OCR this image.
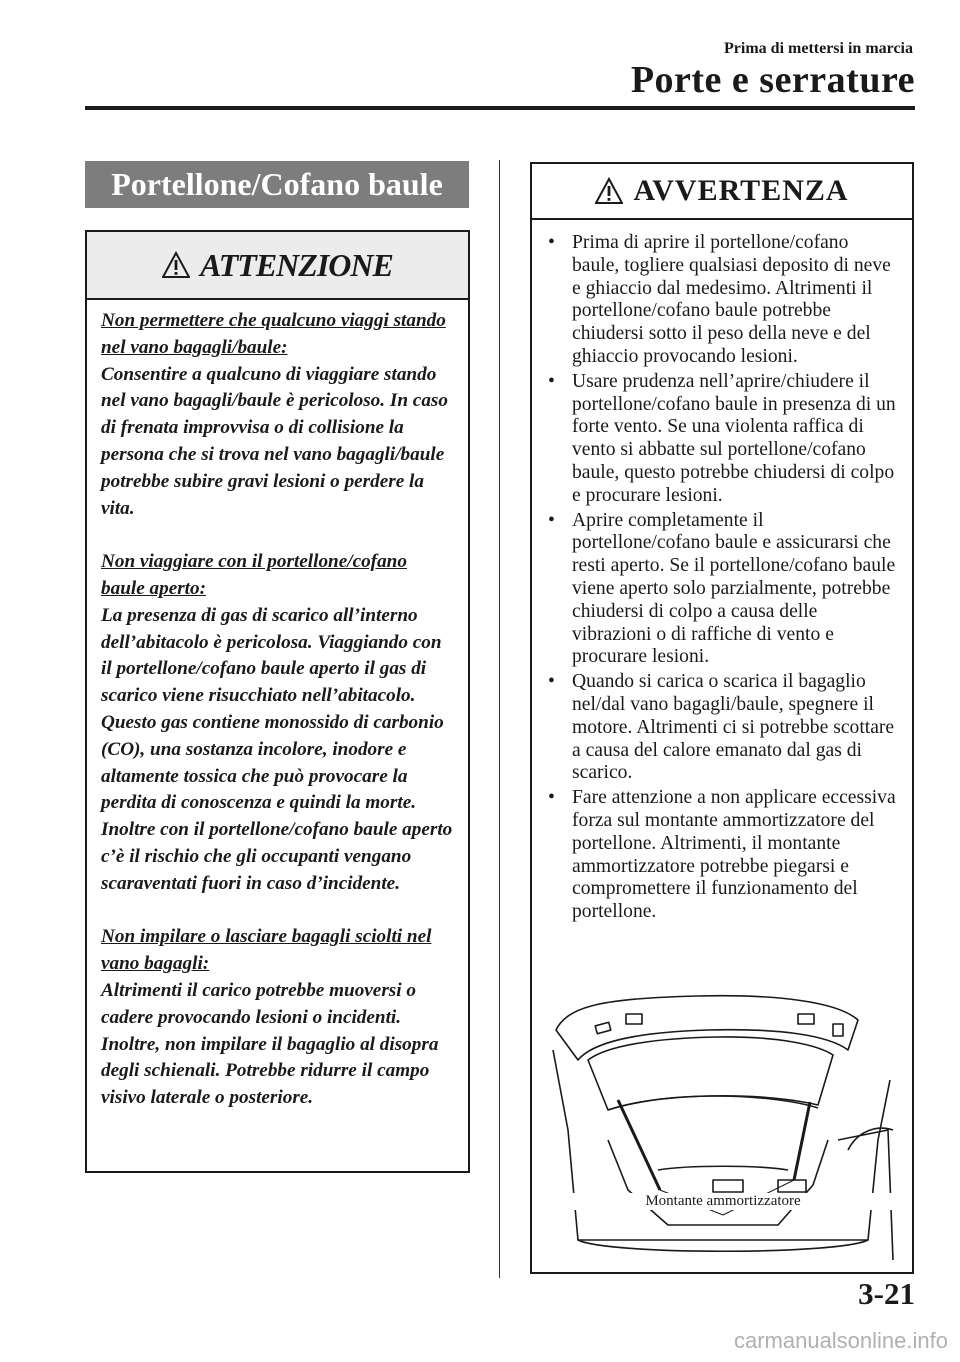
Prima di mettersi in marcia
Porte e serrature
Portellone/Cofano baule
ATTENZIONE
Non permettere che qualcuno viaggi stando nel vano bagagli/baule:
Consentire a qualcuno di viaggiare stando nel vano bagagli/baule è pericoloso. In caso di frenata improvvisa o di collisione la persona che si trova nel vano bagagli/baule potrebbe subire gravi lesioni o perdere la vita.
Non viaggiare con il portellone/cofano baule aperto:
La presenza di gas di scarico all’interno dell’abitacolo è pericolosa. Viaggiando con il portellone/cofano baule aperto il gas di scarico viene risucchiato nell’abitacolo. Questo gas contiene monossido di carbonio (CO), una sostanza incolore, inodore e altamente tossica che può provocare la perdita di conoscenza e quindi la morte. Inoltre con il portellone/cofano baule aperto c’è il rischio che gli occupanti vengano scaraventati fuori in caso d’incidente.
Non impilare o lasciare bagagli sciolti nel vano bagagli:
Altrimenti il carico potrebbe muoversi o cadere provocando lesioni o incidenti. Inoltre, non impilare il bagaglio al disopra degli schienali. Potrebbe ridurre il campo visivo laterale o posteriore.
AVVERTENZA
• Prima di aprire il portellone/cofano baule, togliere qualsiasi deposito di neve e ghiaccio dal medesimo. Altrimenti il portellone/cofano baule potrebbe chiudersi sotto il peso della neve e del ghiaccio provocando lesioni.
• Usare prudenza nell’aprire/chiudere il portellone/cofano baule in presenza di un forte vento. Se una violenta raffica di vento si abbatte sul portellone/cofano baule, questo potrebbe chiudersi di colpo e procurare lesioni.
• Aprire completamente il portellone/cofano baule e assicurarsi che resti aperto. Se il portellone/cofano baule viene aperto solo parzialmente, potrebbe chiudersi di colpo a causa delle vibrazioni o di raffiche di vento e procurare lesioni.
• Quando si carica o scarica il bagaglio nel/dal vano bagagli/baule, spegnere il motore. Altrimenti ci si potrebbe scottare a causa del calore emanato dal gas di scarico.
• Fare attenzione a non applicare eccessiva forza sul montante ammortizzatore del portellone. Altrimenti, il montante ammortizzatore potrebbe piegarsi e compromettere il funzionamento del portellone.
Montante ammortizzatore
3-21
carmanualsonline.info
